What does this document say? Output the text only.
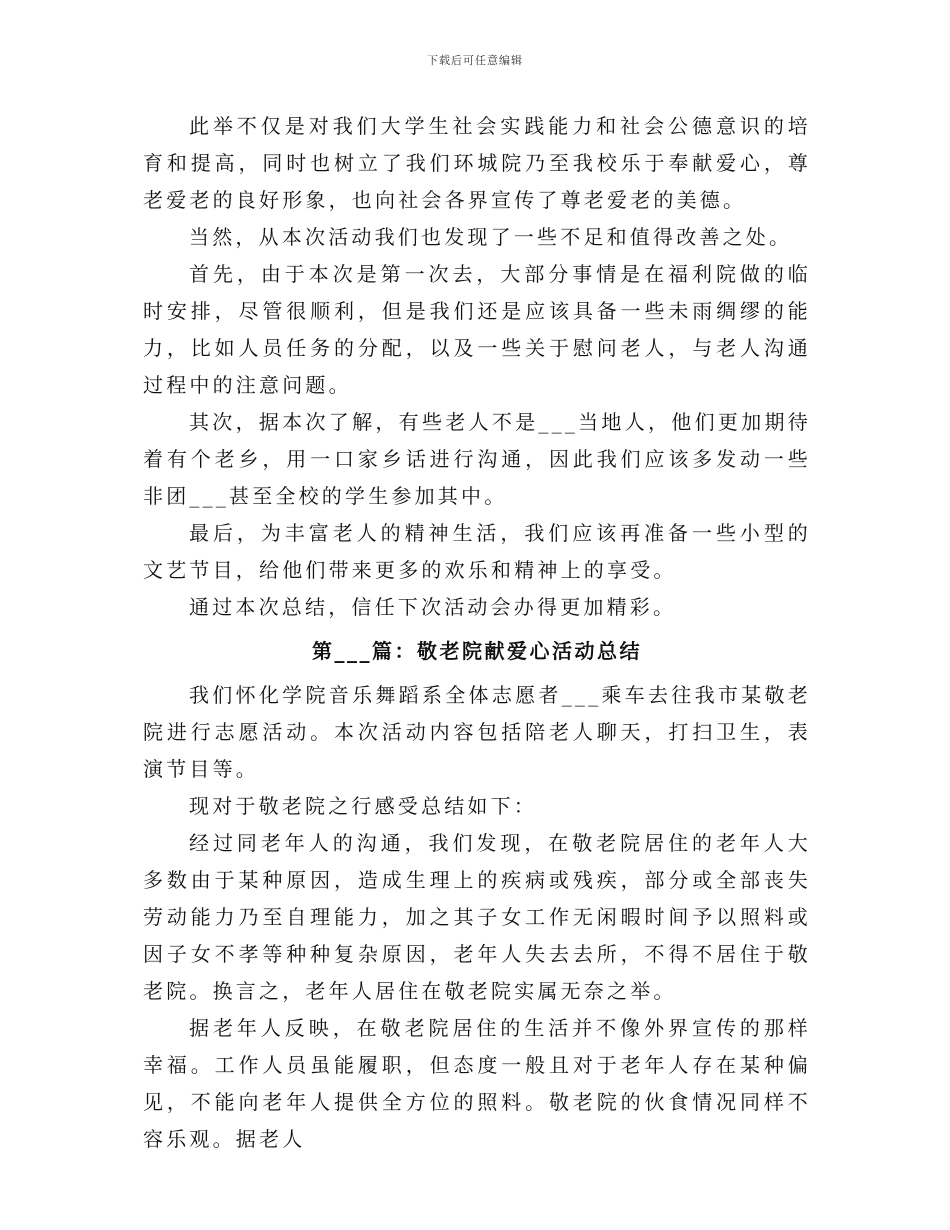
下载后可任意编辑

此举不仅是对我们大学生社会实践能力和社会公德意识的培育和提高，同时也树立了我们环城院乃至我校乐于奉献爱心，尊老爱老的良好形象，也向社会各界宣传了尊老爱老的美德。

当然，从本次活动我们也发现了一些不足和值得改善之处。

首先，由于本次是第一次去，大部分事情是在福利院做的临时安排，尽管很顺利，但是我们还是应该具备一些未雨绸缪的能力，比如人员任务的分配，以及一些关于慰问老人，与老人沟通过程中的注意问题。

其次，据本次了解，有些老人不是___当地人，他们更加期待着有个老乡，用一口家乡话进行沟通，因此我们应该多发动一些非团___甚至全校的学生参加其中。

最后，为丰富老人的精神生活，我们应该再准备一些小型的文艺节目，给他们带来更多的欢乐和精神上的享受。

通过本次总结，信任下次活动会办得更加精彩。

第___篇：敬老院献爱心活动总结

我们怀化学院音乐舞蹈系全体志愿者___乘车去往我市某敬老院进行志愿活动。本次活动内容包括陪老人聊天，打扫卫生，表演节目等。

现对于敬老院之行感受总结如下：

经过同老年人的沟通，我们发现，在敬老院居住的老年人大多数由于某种原因，造成生理上的疾病或残疾，部分或全部丧失劳动能力乃至自理能力，加之其子女工作无闲暇时间予以照料或因子女不孝等种种复杂原因，老年人失去去所，不得不居住于敬老院。换言之，老年人居住在敬老院实属无奈之举。

据老年人反映，在敬老院居住的生活并不像外界宣传的那样幸福。工作人员虽能履职，但态度一般且对于老年人存在某种偏见，不能向老年人提供全方位的照料。敬老院的伙食情况同样不容乐观。据老人
